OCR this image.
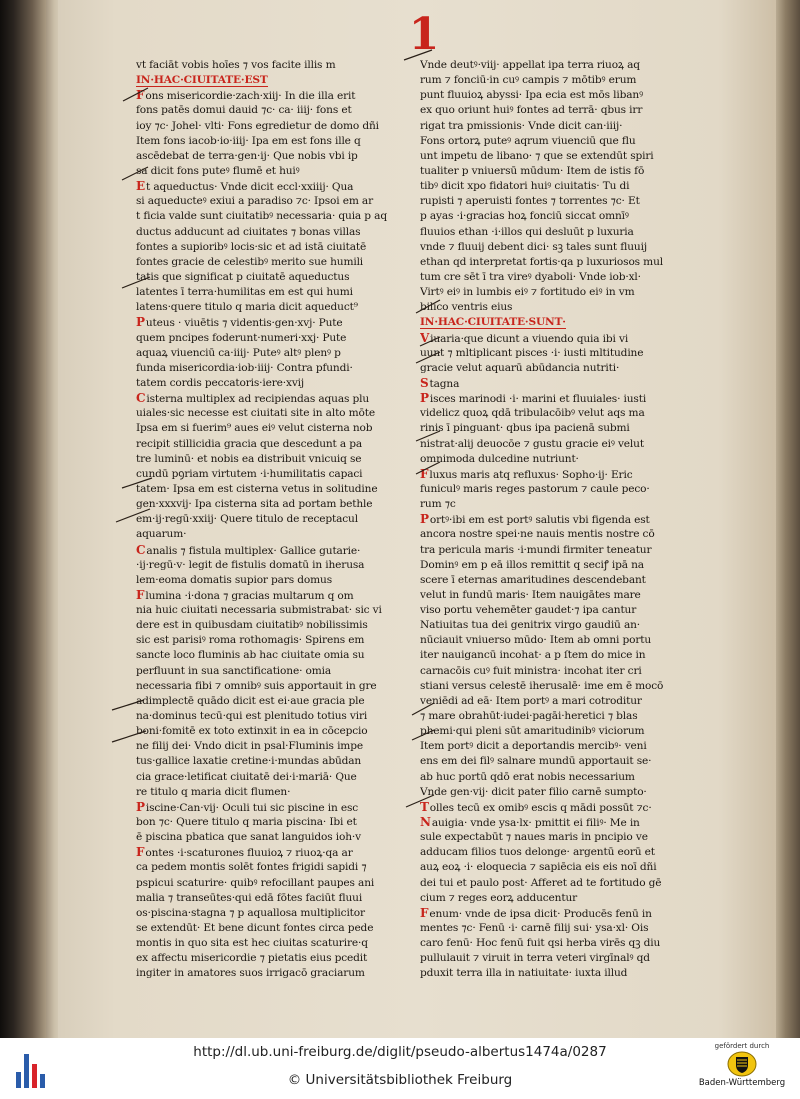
1
vt faciāt vobis hoīes ⁊ vos facite illis m
IN·HAC·CIUITATE·EST
Fons misericordie·zach·xiij· In die illa erit
fons patēs domui dauid ⁊c· ca· iiij· fons et
ioy ⁊c· Johel· vlti· Fons egredietur de domo dñi
Item fons iacob·io·iiij· Ipa em est fons ille q
ascēdebat de terra·gen·ij· Que nobis vbi ip
sa dicit fons puteꝰ flumē et huiꝰ
Et aqueductus· Vnde dicit eccl·xxiiij· Qua
si aqueducteꝰ exiui a paradiso ⁊c· Ipsoi em ar
t ficia valde sunt ciuitatibꝰ necessaria· quia p aq
ductus adducunt ad ciuitates ⁊ bonas villas
fontes a supioribꝰ locis·sic et ad istā ciuitatē
fontes gracie de celestibꝰ merito sue humili
tatis que significat p ciuitatē aqueductus
latentes ī terra·humilitas em est qui humi
latens·quere titulo q maria dicit aqueduct⁹
Puteus · viuētis ⁊ videntis·gen·xvj· Pute
quem pncipes foderunt·numeri·xxj· Pute
aquaꝝ viuenciū ca·iiij· Puteꝰ altꝰ plenꝰ p
funda misericordia·iob·iiij· Contra pfundi·
tatem cordis peccatoris·iere·xvij
Cisterna multiplex ad recipiendas aquas plu
uiales·sic necesse est ciuitati site in alto mōte
Ipsa em si fuerim⁹ aues eiꝰ velut cisterna nob
recipit stillicidia gracia que descedunt a pa
tre luminū· et nobis ea distribuit vnicuiq se
cundū pꝯriam virtutem ·i·humilitatis capaci
tatem· Ipsa em est cisterna vetus in solitudine
gen·xxxvij· Ipa cisterna sita ad portam bethle
em·ij·regū·xxiij· Quere titulo de receptacul
aquarum·
Canalis ⁊ fistula multiplex· Gallice gutarie·
·ij·regū·v· legit de fistulis domatū in iherusa
lem·eoma domatis supior pars domus
Flumina ·i·dona ⁊ gracias multarum q om
nia huic ciuitati necessaria submistrabat· sic vi
dere est in quibusdam ciuitatibꝰ nobilissimis
sic est parisiꝰ roma rothomagis· Spirens em
sancte loco fluminis ab hac ciuitate omia su
perfluunt in sua sanctificatione· omia
necessaria fibi ⁊ omnibꝰ suis apportauit in gre
adimplectē quādo dicit est ei·aue gracia ple
na·dominus tecū·qui est plenitudo totius viri
boni·fomitē ex toto extinxit in ea in cōcepcio
ne filij dei· Vndo dicit in psal·Fluminis impe
tus·gallice laxatie cretine·i·mundas abūdan
cia grace·letificat ciuitatē dei·i·mariā· Que
re titulo q maria dicit flumen·
Piscine·Can·vij· Oculi tui sic piscine in esc
bon ⁊c· Quere titulo q maria piscina· Ibi et
ē piscina pbatica que sanat languidos ioh·v
Fontes ·i·scaturones fluuioꝝ ⁊ riuoꝝ·qa ar
ca pedem montis solēt fontes frigidi sapidi ⁊
pspicui scaturire· quibꝰ refocillant paupes ani
malia ⁊ transeūtes·qui edā fōtes faciūt fluui
os·piscina·stagna ⁊ p aquallosa multiplicitor
se extendūt· Et bene dicunt fontes circa pede
montis in quo sita est hec ciuitas scaturire·q
ex affectu misericordie ⁊ pietatis eius pcedit
ingiter in amatores suos irrigacō graciarum
Vnde deutꝰ·viij· appellat ipa terra riuoꝝ aq
rum ⁊ fonciū·in cuꝰ campis ⁊ mōtibꝰ erum
punt fluuioꝝ abyssi· Ipa ecia est mōs libanꝰ
ex quo oriunt huiꝰ fontes ad terrā· qbus irr
rigat tra pmissionis· Vnde dicit can·iiij·
Fons ortorꝝ puteꝰ aqrum viuenciū que flu
unt impetu de libano· ⁊ que se extendūt spiri
tualiter p vniuersū mūdum· Item de istis fō
tibꝰ dicit xpo fidatori huiꝰ ciuitatis· Tu di
rupisti ⁊ aperuisti fontes ⁊ torrentes ⁊c· Et
p ayas ·i·gracias hoꝝ fonciū siccat omnīꝰ
fluuios ethan ·i·illos qui desluūt p luxuria
vnde ⁊ fluuij debent dici· sꝫ tales sunt fluuij
ethan qd interpretat fortis·qa p luxuriosos mul
tum cre sēt ī tra vireꝰ dyaboli· Vnde iob·xl·
Virtꝰ eiꝰ in lumbis eiꝰ ⁊ fortitudo eiꝰ in vm
bilico ventris eius
IN·HAC·CIUITATE·SUNT·
Viuaria·que dicunt a viuendo quia ibi vi
uunt ⁊ mltiplicant pisces ·i· iusti mltitudine
gracie velut aquarū abūdancia nutriti·
Stagna
Pisces marinodi ·i· marini et fluuiales· iusti
videlicz quoꝝ qdā tribulacōibꝰ velut aqs ma
rinis ī pinguant· qbus ipa pacienā submi
nistrat·alij deuocōe ⁊ gustu gracie eiꝰ velut
omnimoda dulcedine nutriunt·
Fluxus maris atq refluxus· Sopho·ij· Eric
funiculꝰ maris reges pastorum ⁊ caule peco·
rum ⁊c
Portꝰ·ibi em est portꝰ salutis vbi figenda est
ancora nostre spei·ne nauis mentis nostre cō
tra pericula maris ·i·mundi firmiter teneatur
Dominꝰ em p eā illos remittit q seciꝭ ipā na
scere ī eternas amaritudines descendebant
velut in fundū maris· Item nauigātes mare
viso portu vehemēter gaudet·⁊ ipa cantur
Natiuitas tua dei genitrix virgo gaudiū an·
nūciauit vniuerso mūdo· Item ab omni portu
iter nauigancū incohat· a p ſtem do mice in
carnacōis cuꝰ fuit ministra· incohat iter cri
stiani versus celestē iherusalē· ime em ē mocō
veniēdi ad eā· Item portꝰ a mari cotroditur
⁊ mare obrahūt·iudei·pagāi·heretici ⁊ blas
phemi·qui pleni sūt amaritudinibꝰ viciorum
Item portꝰ dicit a deportandis mercibꝰ· veni
ens em dei filꝰ salnare mundū apportauit se·
ab huc portū qdō erat nobis necessarium
Vnde gen·vij· dicit pater filio carnē sumpto·
Tolles tecū ex omibꝰ escis q mādi possūt ⁊c·
Nauigia· vnde ysa·lx· pmittit ei filiꝰ· Me in
sule expectabūt ⁊ naues maris in pncipio ve
adducam filios tuos delonge· argentū eorū et
auꝝ eoꝝ ·i· eloquecia ⁊ sapiēcia eis eis noī dñi
dei tui et paulo post· Afferet ad te fortitudo gē
cium ⁊ reges eorꝝ adducentur
Fenum· vnde de ipsa dicit· Producēs fenū in
mentes ⁊c· Fenū ·i· carnē filij sui· ysa·xl· Ois
caro fenū· Hoc fenū fuit qsi herba virēs qꝫ diu
pullulauit ⁊ viruit in terra veteri virgīnalꝰ qd
pduxit terra illa in natiuitate· iuxta illud
http://dl.ub.uni-freiburg.de/diglit/pseudo-albertus1474a/0287
© Universitätsbibliothek Freiburg
gefördert durch
Baden-Württemberg
